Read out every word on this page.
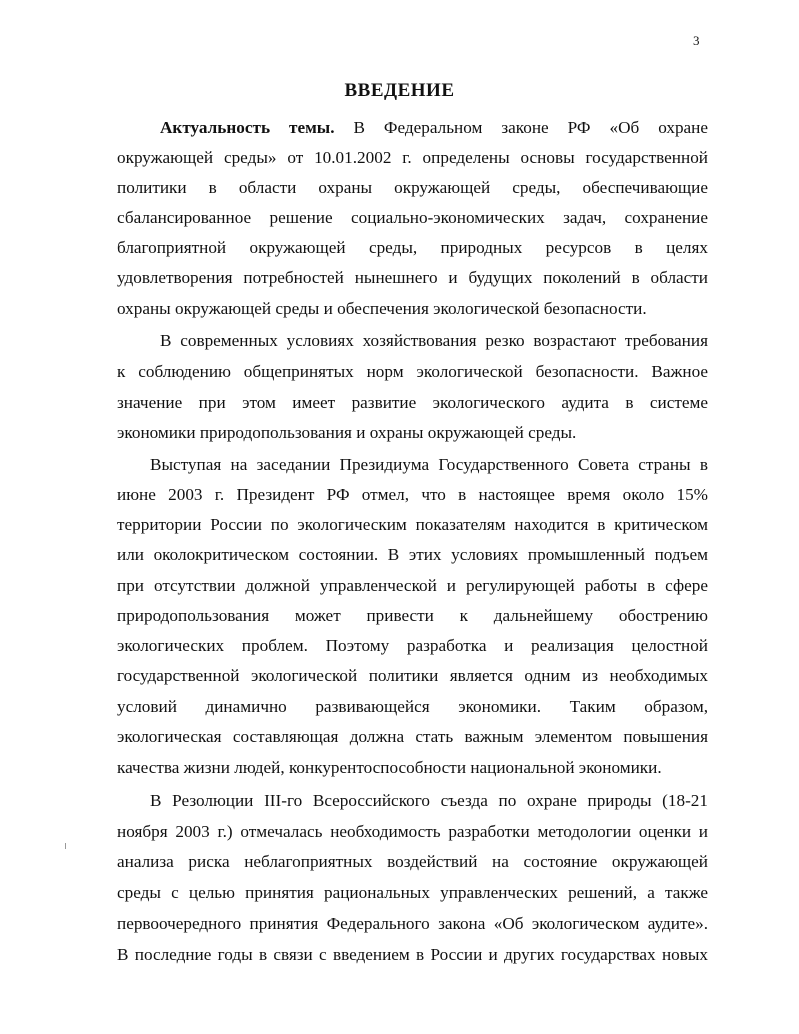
3
ВВЕДЕНИЕ
Актуальность темы. В Федеральном законе РФ «Об охране
окружающей среды» от 10.01.2002 г. определены основы государственной
политики в области охраны окружающей среды, обеспечивающие
сбалансированное решение социально-экономических задач, сохранение
благоприятной окружающей среды, природных ресурсов в целях
удовлетворения потребностей нынешнего и будущих поколений в области
охраны окружающей среды и обеспечения экологической безопасности.
В современных условиях хозяйствования резко возрастают требования
к соблюдению общепринятых норм экологической безопасности. Важное
значение при этом имеет развитие экологического аудита в системе
экономики природопользования и охраны окружающей среды.
Выступая на заседании Президиума Государственного Совета страны в
июне 2003 г. Президент РФ отмел, что в настоящее время около 15%
территории России по экологическим показателям находится в критическом
или околокритическом состоянии. В этих условиях промышленный подъем
при отсутствии должной управленческой и регулирующей работы в сфере
природопользования может привести к дальнейшему обострению
экологических проблем. Поэтому разработка и реализация целостной
государственной экологической политики является одним из необходимых
условий динамично развивающейся экономики. Таким образом,
экологическая составляющая должна стать важным элементом повышения
качества жизни людей, конкурентоспособности национальной экономики.
В Резолюции III-го Всероссийского съезда по охране природы (18-21
ноября 2003 г.) отмечалась необходимость разработки методологии оценки и
анализа риска неблагоприятных воздействий на состояние окружающей
среды с целью принятия рациональных управленческих решений, а также
первоочередного принятия Федерального закона «Об экологическом аудите».
В последние годы в связи с введением в России и других государствах новых
